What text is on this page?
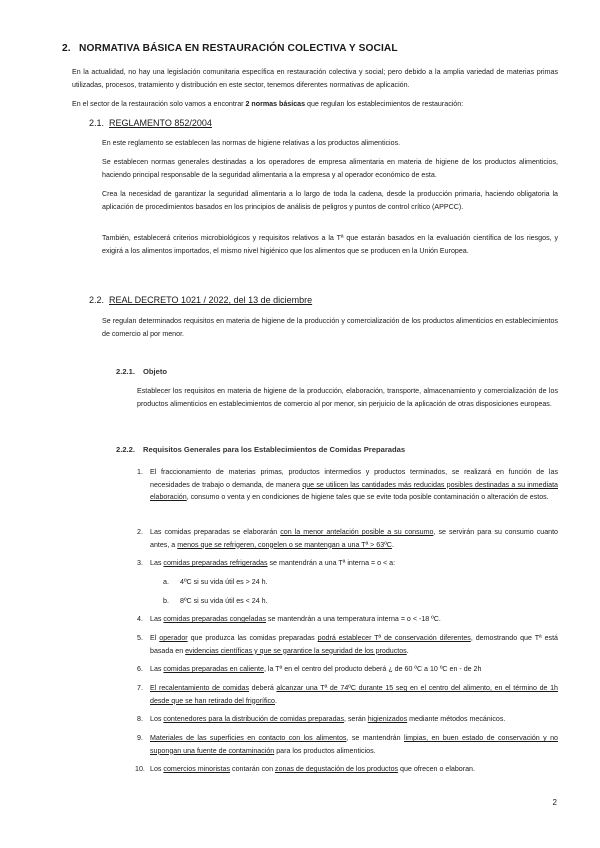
2. NORMATIVA BÁSICA EN RESTAURACIÓN COLECTIVA Y SOCIAL

En la actualidad, no hay una legislación comunitaria específica en restauración colectiva y social; pero debido a la amplia variedad de materias primas utilizadas, procesos, tratamiento y distribución en este sector, tenemos diferentes normativas de aplicación.

En el sector de la restauración solo vamos a encontrar 2 normas básicas que regulan los establecimientos de restauración:

2.1. REGLAMENTO 852/2004

En este reglamento se establecen las normas de higiene relativas a los productos alimenticios.

Se establecen normas generales destinadas a los operadores de empresa alimentaria en materia de higiene de los productos alimenticios, haciendo principal responsable de la seguridad alimentaria a la empresa y al operador económico de esta.

Crea la necesidad de garantizar la seguridad alimentaria a lo largo de toda la cadena, desde la producción primaria, haciendo obligatoria la aplicación de procedimientos basados en los principios de análisis de peligros y puntos de control crítico (APPCC).

También, establecerá criterios microbiológicos y requisitos relativos a la Tª que estarán basados en la evaluación científica de los riesgos, y exigirá a los alimentos importados, el mismo nivel higiénico que los alimentos que se producen en la Unión Europea.

2.2. REAL DECRETO 1021 / 2022, del 13 de diciembre

Se regulan determinados requisitos en materia de higiene de la producción y comercialización de los productos alimenticios en establecimientos de comercio al por menor.

2.2.1. Objeto

Establecer los requisitos en materia de higiene de la producción, elaboración, transporte, almacenamiento y comercialización de los productos alimenticios en establecimientos de comercio al por menor, sin perjuicio de la aplicación de otras disposiciones europeas.

2.2.2. Requisitos Generales para los Establecimientos de Comidas Preparadas
1. El fraccionamiento de materias primas, productos intermedios y productos terminados, se realizará en función de las necesidades de trabajo o demanda, de manera que se utilicen las cantidades más reducidas posibles destinadas a su inmediata elaboración, consumo o venta y en condiciones de higiene tales que se evite toda posible contaminación o alteración de estos.

2. Las comidas preparadas se elaborarán con la menor antelación posible a su consumo, se servirán para su consumo cuanto antes, a menos que se refrigeren, congelen o se mantengan a una Tª > 63ºC.

3. Las comidas preparadas refrigeradas se mantendrán a una Tª interna = o < a:

a. 4ºC si su vida útil es > 24 h.

b. 8ºC si su vida útil es < 24 h.

4. Las comidas preparadas congeladas se mantendrán a una temperatura interna = o < -18 ºC.

5. El operador que produzca las comidas preparadas podrá establecer Tª de conservación diferentes, demostrando que Tª está basada en evidencias científicas y que se garantice la seguridad de los productos.

6. Las comidas preparadas en caliente, la Tª en el centro del producto deberá ¿ de 60 ºC a 10 ºC en - de 2h

7. El recalentamiento de comidas deberá alcanzar una Tª de 74ºC durante 15 seg en el centro del alimento, en el término de 1h desde que se han retirado del frigorífico.

8. Los contenedores para la distribución de comidas preparadas, serán higienizados mediante métodos mecánicos.

9. Materiales de las superficies en contacto con los alimentos, se mantendrán limpias, en buen estado de conservación y no supongan una fuente de contaminación para los productos alimenticios.

10. Los comercios minoristas contarán con zonas de degustación de los productos que ofrecen o elaboran.

2
